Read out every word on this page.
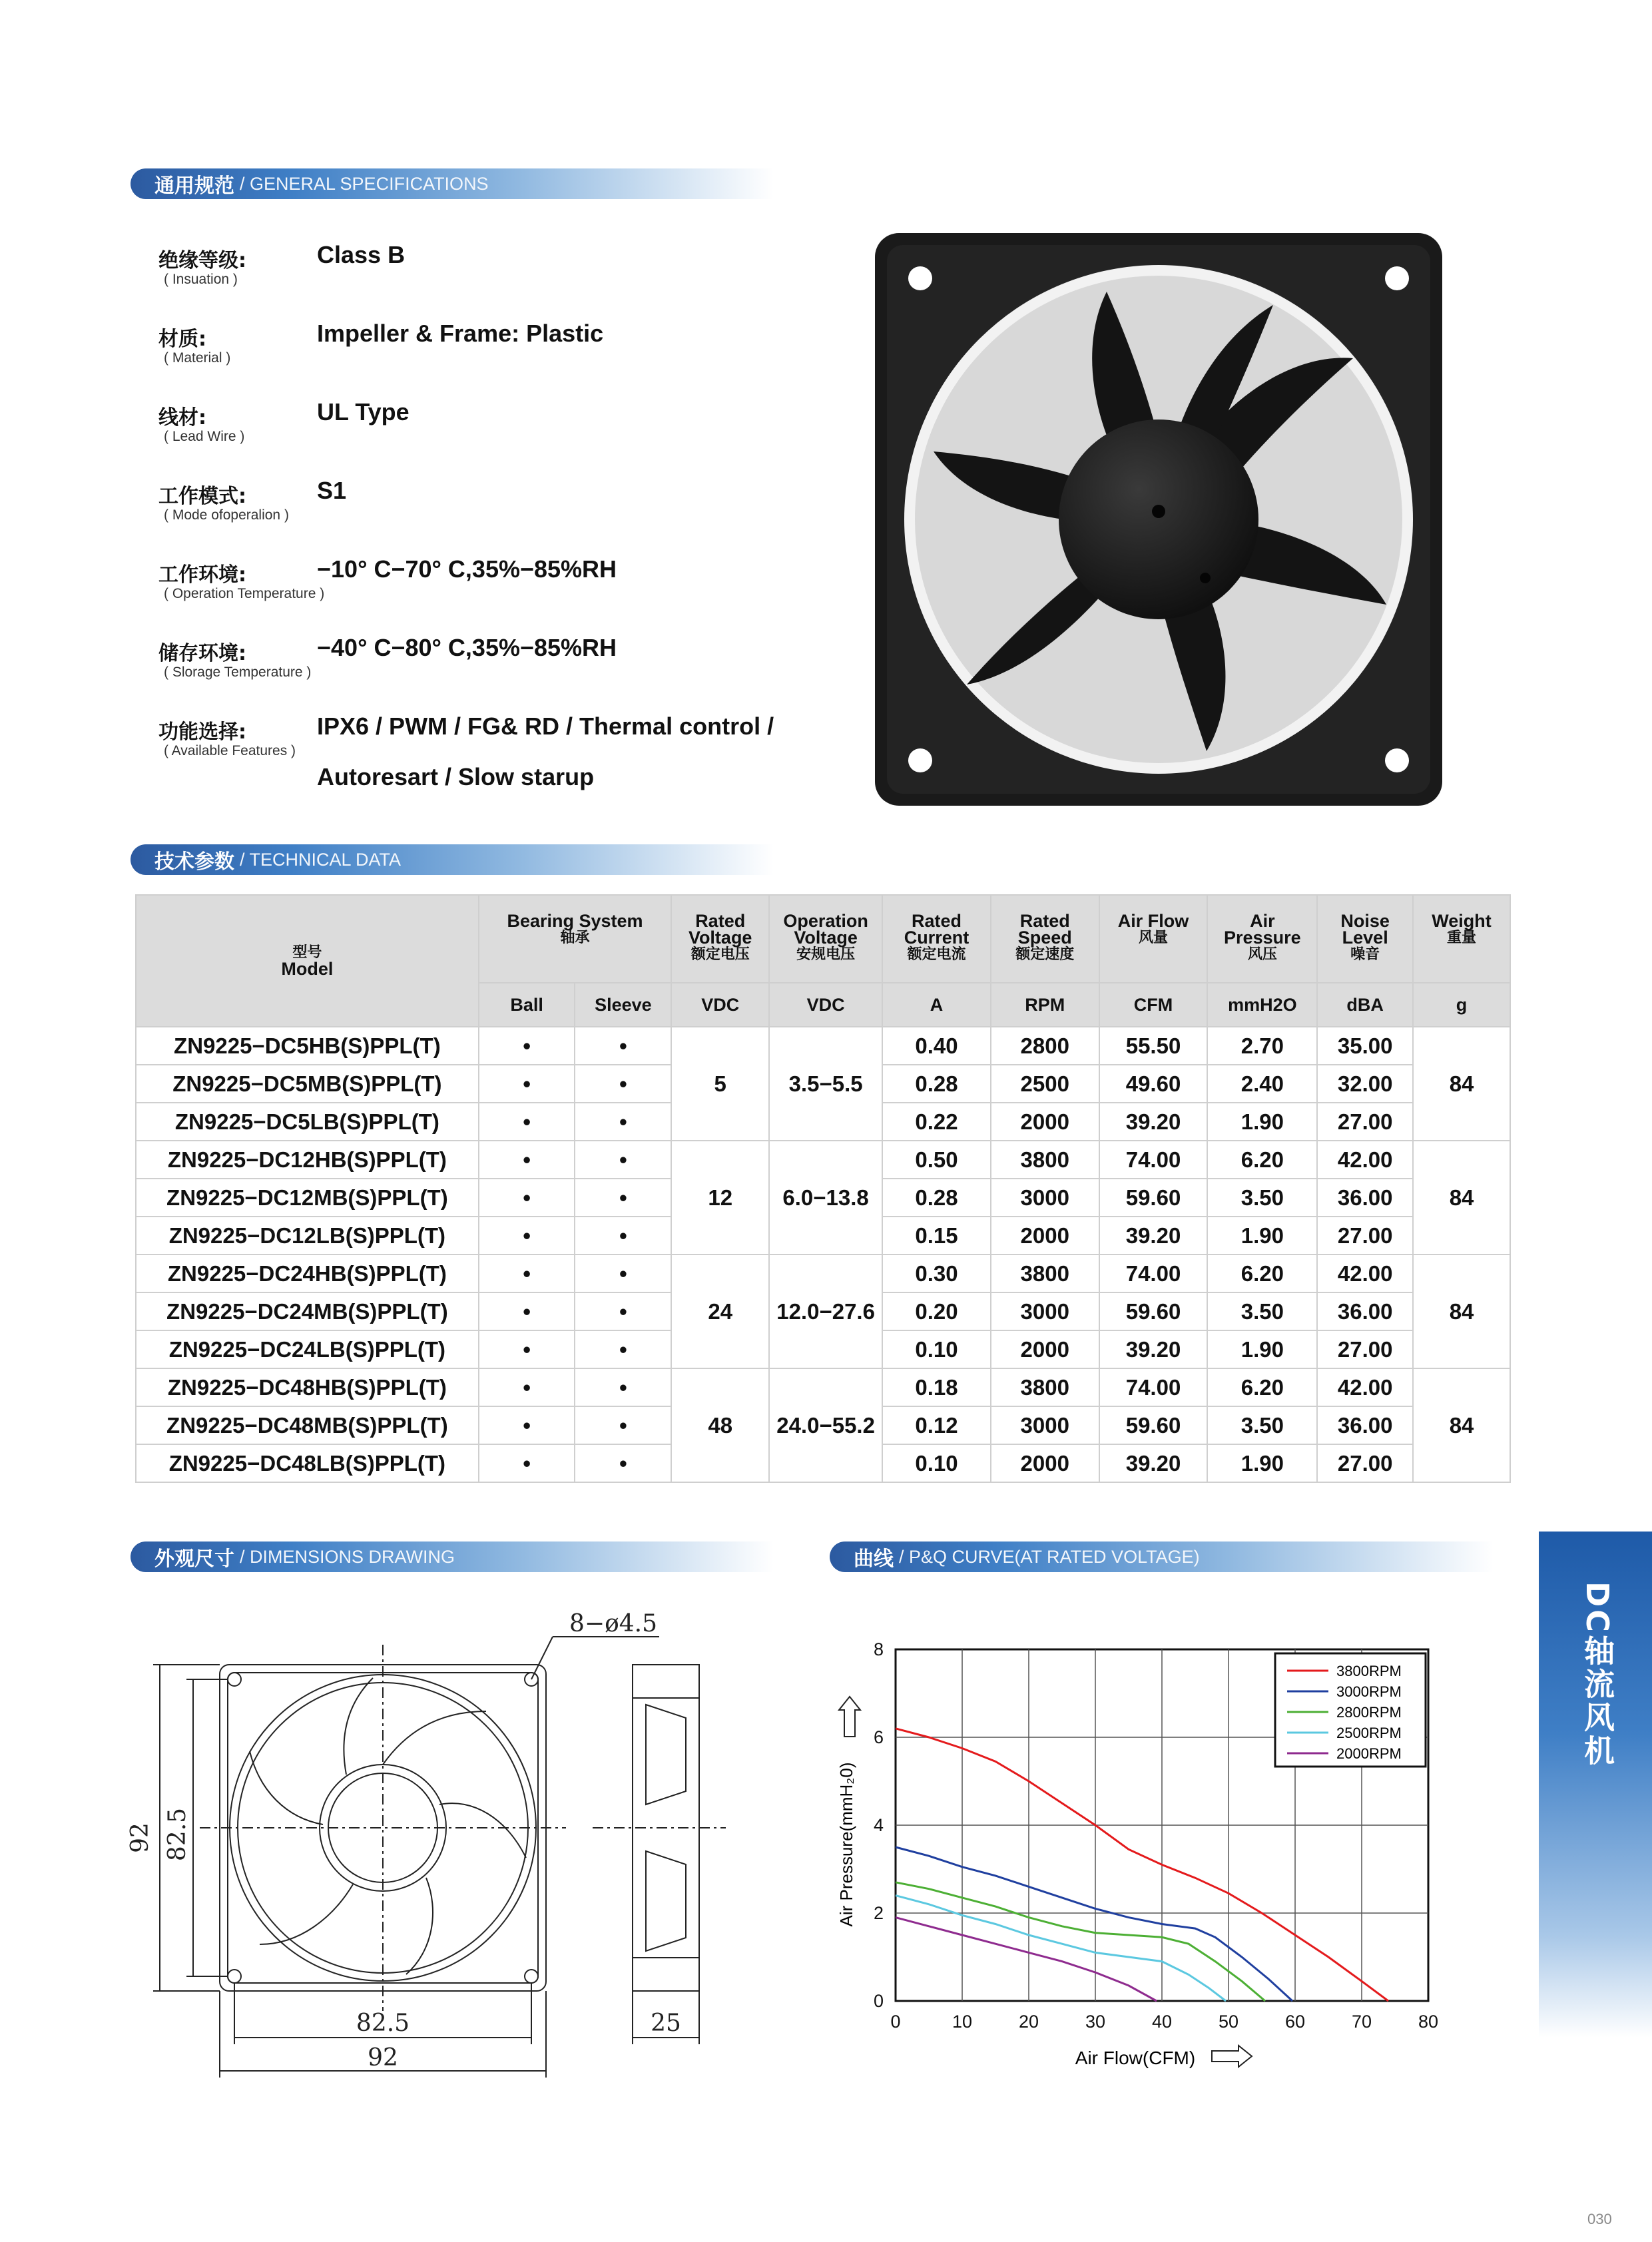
通用规范 / GENERAL SPECIFICATIONS
绝缘等级:
( Insuation )
Class B
材质:
( Material )
Impeller & Frame: Plastic
线材:
( Lead Wire )
UL Type
工作模式:
( Mode ofoperalion )
S1
工作环境:
( Operation Temperature )
−10° C−70° C,35%−85%RH
储存环境:
( Slorage Temperature )
−40° C−80° C,35%−85%RH
功能选择:
( Available Features )
IPX6 / PWM / FG& RD / Thermal control /
Autoresart / Slow starup
技术参数 / TECHNICAL DATA
型号
Model	Bearing System
轴承		Rated
Voltage
额定电压	Operation
Voltage
安规电压	Rated
Current
额定电流	Rated
Speed
额定速度	Air Flow
风量	Air
Pressure
风压	Noise
Level
噪音	Weight
重量

	Ball	Sleeve	VDC	VDC	A	RPM	CFM	mmH2O	dBA	g
ZN9225−DC5HB(S)PPL(T)	•	•	5	3.5−5.5	0.40	2800	55.50	2.70	35.00	84
ZN9225−DC5MB(S)PPL(T)	•	•			0.28	2500	49.60	2.40	32.00	
ZN9225−DC5LB(S)PPL(T)	•	•			0.22	2000	39.20	1.90	27.00	
ZN9225−DC12HB(S)PPL(T)	•	•	12	6.0−13.8	0.50	3800	74.00	6.20	42.00	84
ZN9225−DC12MB(S)PPL(T)	•	•			0.28	3000	59.60	3.50	36.00	
ZN9225−DC12LB(S)PPL(T)	•	•			0.15	2000	39.20	1.90	27.00	
ZN9225−DC24HB(S)PPL(T)	•	•	24	12.0−27.6	0.30	3800	74.00	6.20	42.00	84
ZN9225−DC24MB(S)PPL(T)	•	•			0.20	3000	59.60	3.50	36.00	
ZN9225−DC24LB(S)PPL(T)	•	•			0.10	2000	39.20	1.90	27.00	
ZN9225−DC48HB(S)PPL(T)	•	•	48	24.0−55.2	0.18	3800	74.00	6.20	42.00	84
ZN9225−DC48MB(S)PPL(T)	•	•			0.12	3000	59.60	3.50	36.00	
ZN9225−DC48LB(S)PPL(T)	•	•			0.10	2000	39.20	1.90	27.00	
外观尺寸 / DIMENSIONS DRAWING
8−ø4.5
92 82.5
82.5
92
25
曲线 / P&Q CURVE(AT RATED VOLTAGE)
0	10	20	30	40	50	60	70	80
0
2
4
6
8
3800RPM
3000RPM
2800RPM
2500RPM
2000RPM
Air Flow(CFM)
Air Pressure(mmH₂0)
DC轴流风机
030
